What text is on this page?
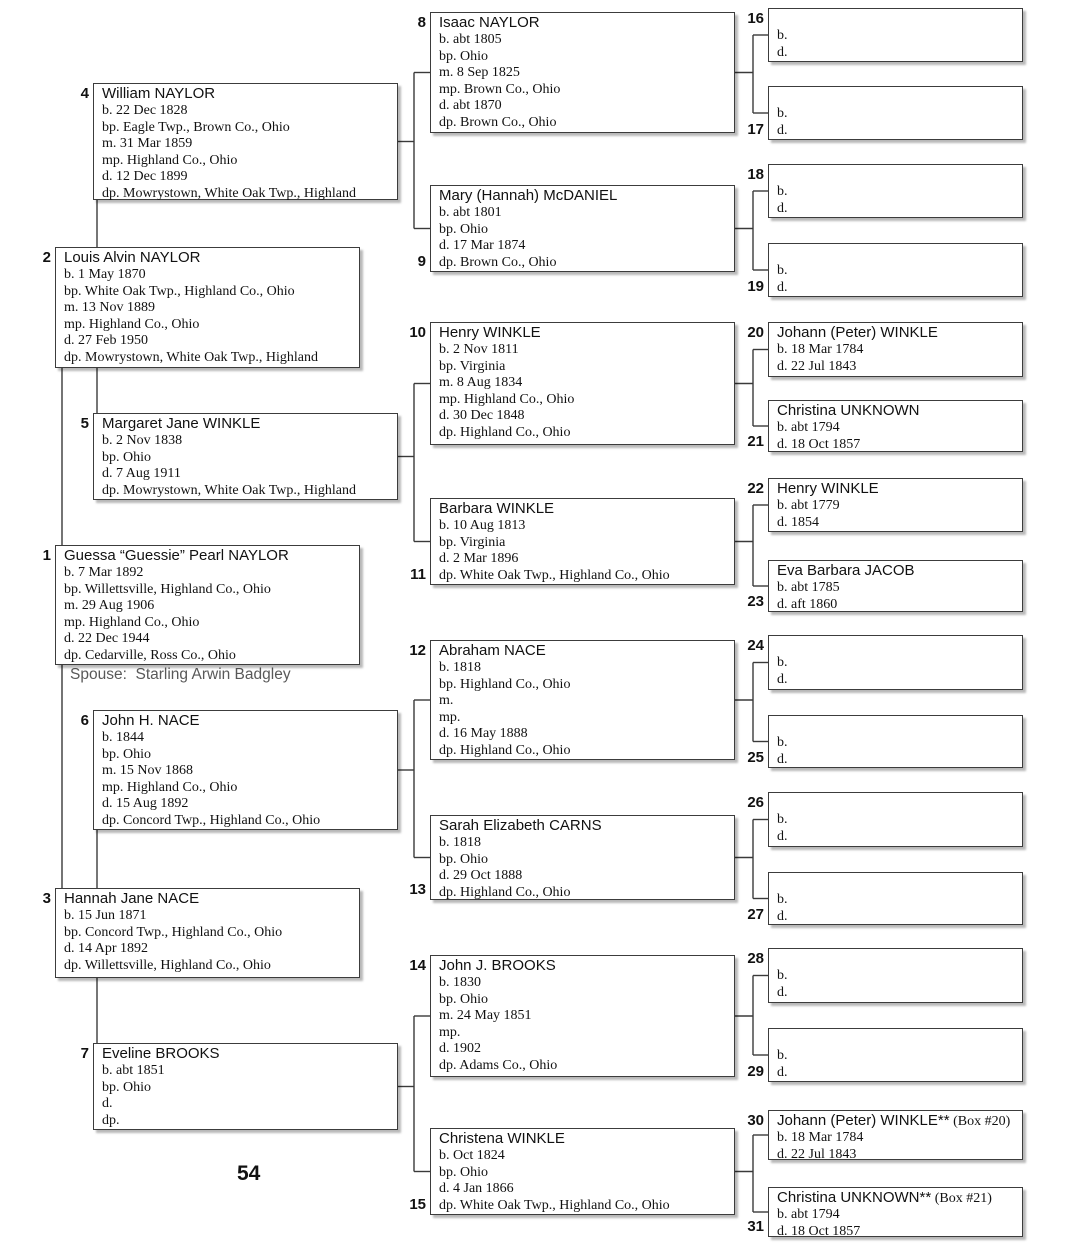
Spouse:  Starling Arwin Badgley
54
1 Guessa “Guessie” Pearl NAYLOR
b. 7 Mar 1892
bp. Willettsville, Highland Co., Ohio
m. 29 Aug 1906
mp. Highland Co., Ohio
d. 22 Dec 1944
dp. Cedarville, Ross Co., Ohio
2 Louis Alvin NAYLOR
b. 1 May 1870
bp. White Oak Twp., Highland Co., Ohio
m. 13 Nov 1889
mp. Highland Co., Ohio
d. 27 Feb 1950
dp. Mowrystown, White Oak Twp., Highland
3 Hannah Jane NACE
b. 15 Jun 1871
bp. Concord Twp., Highland Co., Ohio
d. 14 Apr 1892
dp. Willettsville, Highland Co., Ohio
4 William NAYLOR
b. 22 Dec 1828
bp. Eagle Twp., Brown Co., Ohio
m. 31 Mar 1859
mp. Highland Co., Ohio
d. 12 Dec 1899
dp. Mowrystown, White Oak Twp., Highland
5 Margaret Jane WINKLE
b. 2 Nov 1838
bp. Ohio
d. 7 Aug 1911
dp. Mowrystown, White Oak Twp., Highland
6 John H. NACE
b. 1844
bp. Ohio
m. 15 Nov 1868
mp. Highland Co., Ohio
d. 15 Aug 1892
dp. Concord Twp., Highland Co., Ohio
7 Eveline BROOKS
b. abt 1851
bp. Ohio
d.
dp.
8 Isaac NAYLOR
b. abt 1805
bp. Ohio
m. 8 Sep 1825
mp. Brown Co., Ohio
d. abt 1870
dp. Brown Co., Ohio
9
Mary (Hannah) McDANIEL
b. abt 1801
bp. Ohio
d. 17 Mar 1874
dp. Brown Co., Ohio
10 Henry WINKLE
b. 2 Nov 1811
bp. Virginia
m. 8 Aug 1834
mp. Highland Co., Ohio
d. 30 Dec 1848
dp. Highland Co., Ohio
11
Barbara WINKLE
b. 10 Aug 1813
bp. Virginia
d. 2 Mar 1896
dp. White Oak Twp., Highland Co., Ohio
12 Abraham NACE
b. 1818
bp. Highland Co., Ohio
m.
mp.
d. 16 May 1888
dp. Highland Co., Ohio
13
Sarah Elizabeth CARNS
b. 1818
bp. Ohio
d. 29 Oct 1888
dp. Highland Co., Ohio
14 John J. BROOKS
b. 1830
bp. Ohio
m. 24 May 1851
mp.
d. 1902
dp. Adams Co., Ohio
15
Christena WINKLE
b. Oct 1824
bp. Ohio
d. 4 Jan 1866
dp. White Oak Twp., Highland Co., Ohio
16
b.
d.
17
b.
d.
18
b.
d.
19
b.
d.
20 Johann (Peter) WINKLE
b. 18 Mar 1784
d. 22 Jul 1843
21
Christina UNKNOWN
b. abt 1794
d. 18 Oct 1857
22 Henry WINKLE
b. abt 1779
d. 1854
23
Eva Barbara JACOB
b. abt 1785
d. aft 1860
24
b.
d.
25
b.
d.
26
b.
d.
27
b.
d.
28
b.
d.
29
b.
d.
30 Johann (Peter) WINKLE** (Box #20)
b. 18 Mar 1784
d. 22 Jul 1843
31
Christina UNKNOWN** (Box #21)
b. abt 1794
d. 18 Oct 1857
